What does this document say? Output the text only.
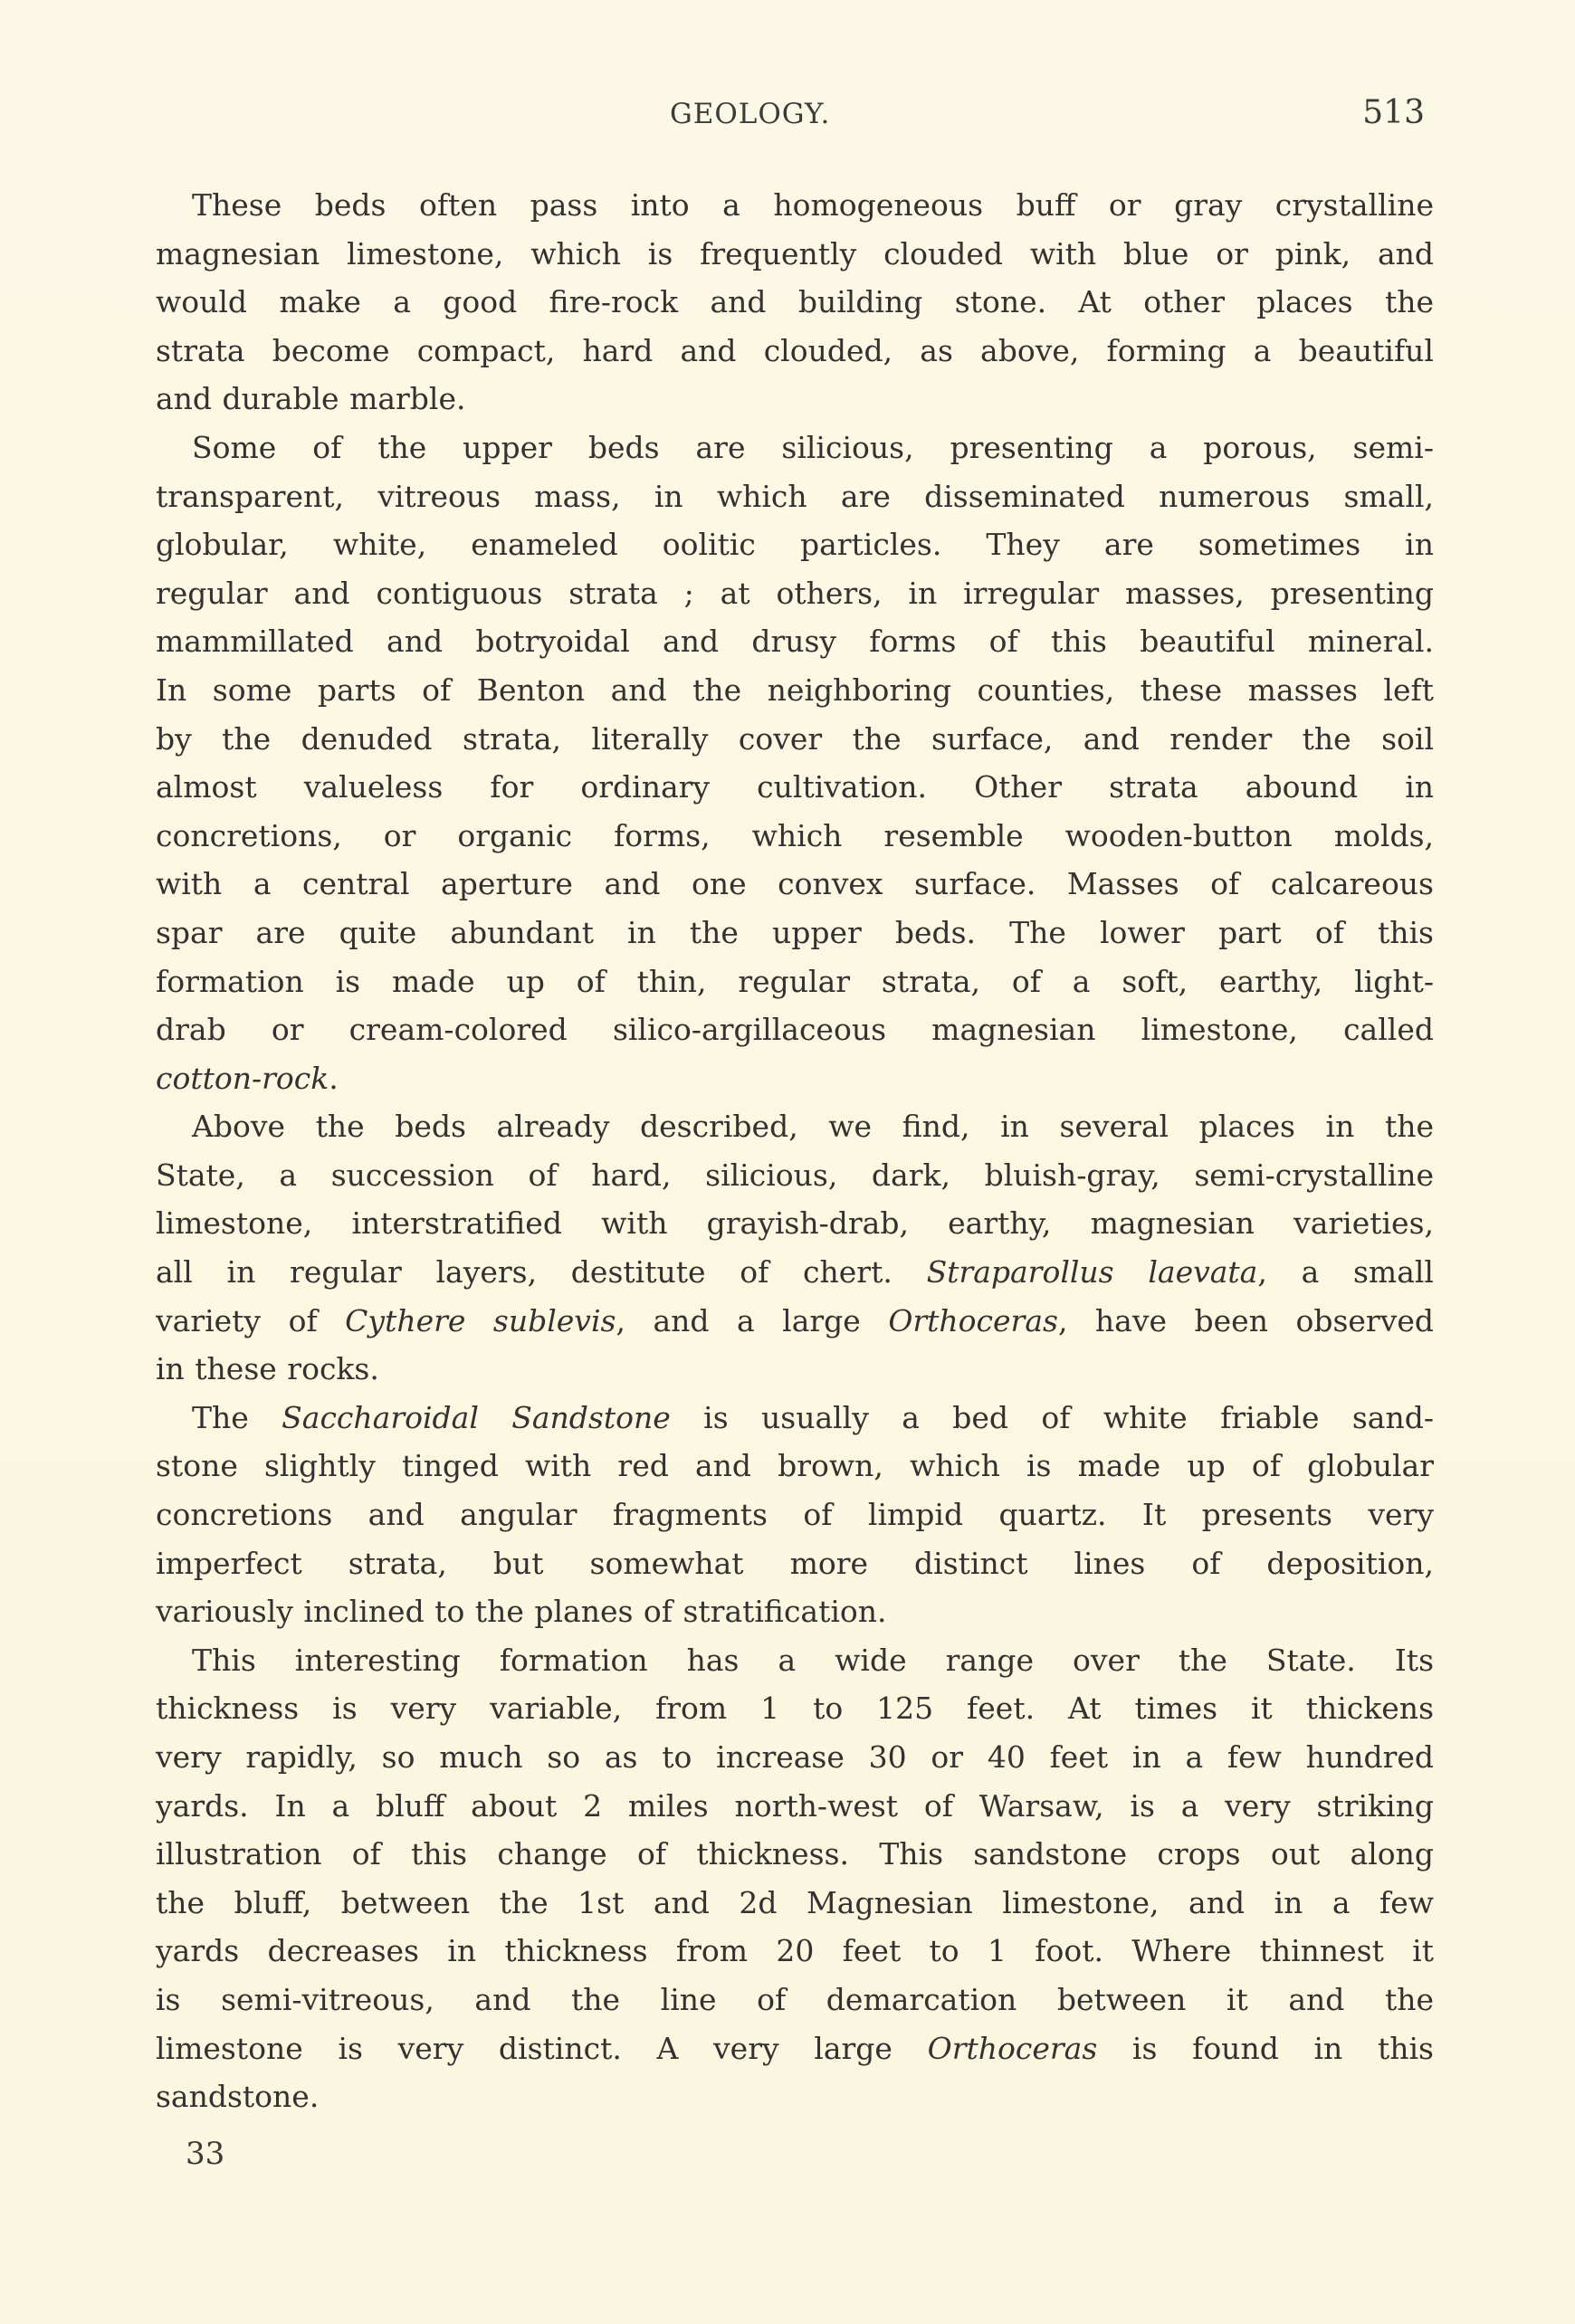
GEOLOGY.	513
These beds often pass into a homogeneous buff or gray crystalline
magnesian limestone, which is frequently clouded with blue or pink, and
would make a good fire-rock and building stone. At other places the
strata become compact, hard and clouded, as above, forming a beautiful
and durable marble.
Some of the upper beds are silicious, presenting a porous, semi-
transparent, vitreous mass, in which are disseminated numerous small,
globular, white, enameled oolitic particles. They are sometimes in
regular and contiguous strata ; at others, in irregular masses, presenting
mammillated and botryoidal and drusy forms of this beautiful mineral.
In some parts of Benton and the neighboring counties, these masses left
by the denuded strata, literally cover the surface, and render the soil
almost valueless for ordinary cultivation. Other strata abound in
concretions, or organic forms, which resemble wooden-button molds,
with a central aperture and one convex surface. Masses of calcareous
spar are quite abundant in the upper beds. The lower part of this
formation is made up of thin, regular strata, of a soft, earthy, light-
drab or cream-colored silico-argillaceous magnesian limestone, called
cotton-rock.
Above the beds already described, we find, in several places in the
State, a succession of hard, silicious, dark, bluish-gray, semi-crystalline
limestone, interstratified with grayish-drab, earthy, magnesian varieties,
all in regular layers, destitute of chert. Straparollus laevata, a small
variety of Cythere sublevis, and a large Orthoceras, have been observed
in these rocks.
The Saccharoidal Sandstone is usually a bed of white friable sand-
stone slightly tinged with red and brown, which is made up of globular
concretions and angular fragments of limpid quartz. It presents very
imperfect strata, but somewhat more distinct lines of deposition,
variously inclined to the planes of stratification.
This interesting formation has a wide range over the State. Its
thickness is very variable, from 1 to 125 feet. At times it thickens
very rapidly, so much so as to increase 30 or 40 feet in a few hundred
yards. In a bluff about 2 miles north-west of Warsaw, is a very striking
illustration of this change of thickness. This sandstone crops out along
the bluff, between the 1st and 2d Magnesian limestone, and in a few
yards decreases in thickness from 20 feet to 1 foot. Where thinnest it
is semi-vitreous, and the line of demarcation between it and the
limestone is very distinct. A very large Orthoceras is found in this
sandstone.
33
